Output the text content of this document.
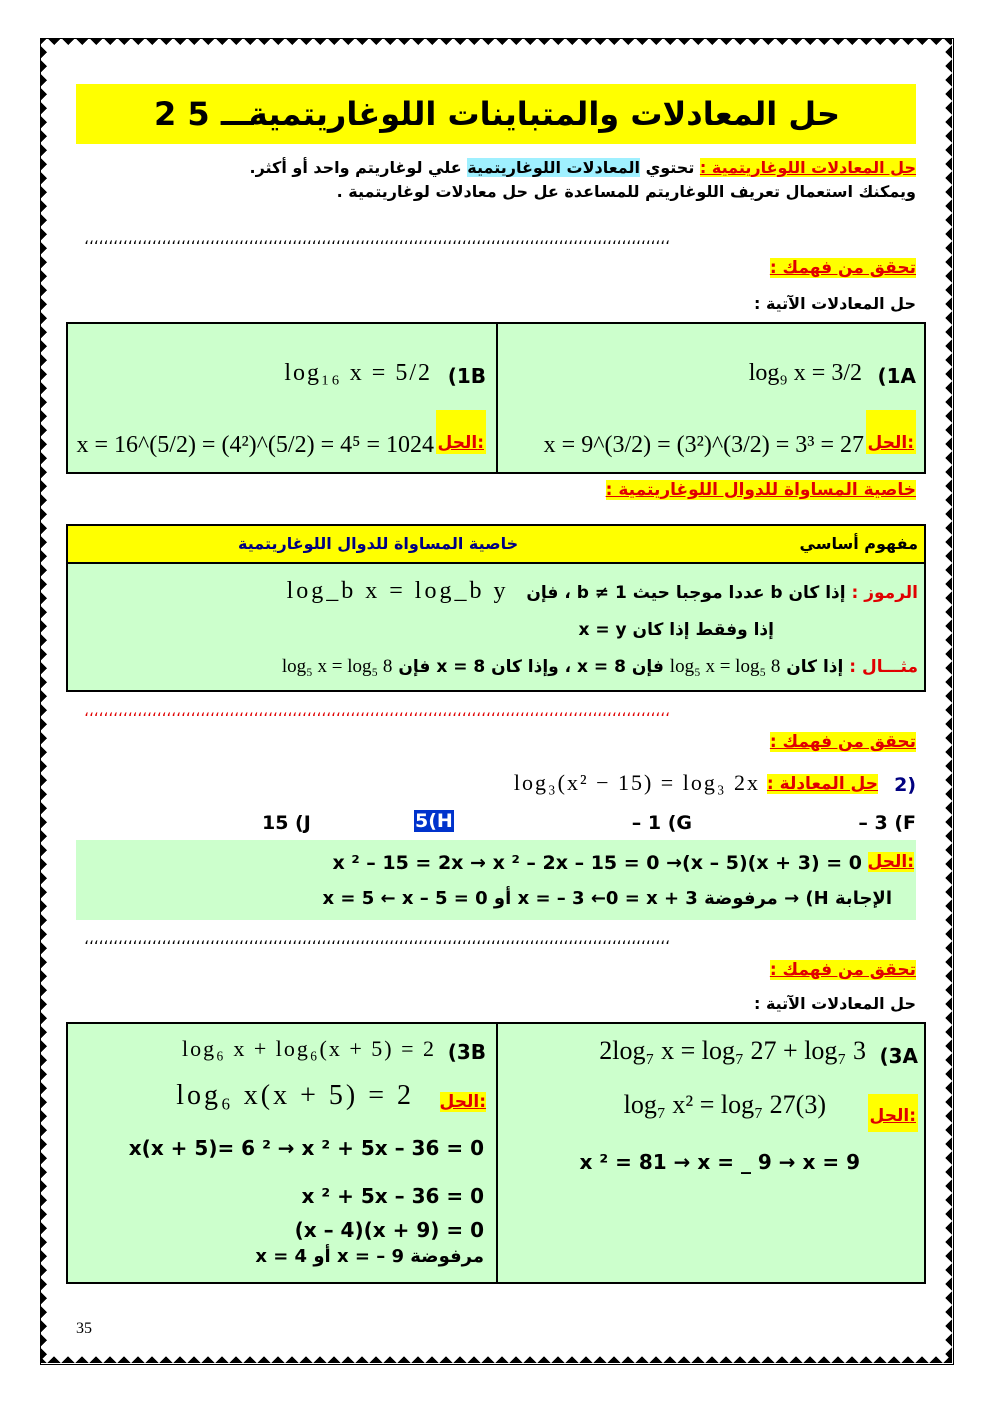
حل المعادلات والمتباينات اللوغاريتمية
2 ـــ 5
حل المعادلات اللوغاريتمية : تحتوي المعادلات اللوغاريتمية علي لوغاريتم واحد أو أكثر.
ويمكنك استعمال تعريف اللوغاريتم للمساعدة عل حل معادلات لوغاريتمية .
،،،،،،،،،،،،،،،،،،،،،،،،،،،،،،،،،،،،،،،،،،،،،،،،،،،،،،،،،،،،،،،،،،،،،،،،،،،،،،،،،،،،،،،،،،،،،،،،،،،،،،،،،،،،،،،،،،،،،،،،،
تحقق من فهمك :
حل المعادلات الآتية :
(1A
log₉ x = 3/2
الحل:
x = 9^(3/2) = (3²)^(3/2) = 3³ = 27
(1B
log₁₆ x = 5/2
الحل:
x = 16^(5/2) = (4²)^(5/2) = 4⁵ = 1024
خاصية المساواة للدوال اللوغاريتمية :
مفهوم أساسي
خاصية المساواة للدوال اللوغاريتمية
الرموز : إذا كان b عددا موجبا حيث b ≠ 1 ، فإن log_b x = log_b y
إذا وفقط إذا كان x = y
مثـــال : إذا كان log₅ x = log₅ 8 فإن x = 8 ، وإذا كان x = 8 فإن log₅ x = log₅ 8
،،،،،،،،،،،،،،،،،،،،،،،،،،،،،،،،،،،،،،،،،،،،،،،،،،،،،،،،،،،،،،،،،،،،،،،،،،،،،،،،،،،،،،،،،،،،،،،،،،،،،،،،،،،،،،،،،،،،،،،،،
تحقق من فهمك :
(2
حل المعادلة :
log₃(x² − 15) = log₃ 2x
– 3 (F
– 1 (G
5(H
15 (J
الحل:
x ² – 15 = 2x → x ² – 2x – 15 = 0 →(x – 5)(x + 3) = 0
الإجابة H) → مرفوضة x = – 3 ←0 = x + 3 أو x = 5 ← x – 5 = 0
،،،،،،،،،،،،،،،،،،،،،،،،،،،،،،،،،،،،،،،،،،،،،،،،،،،،،،،،،،،،،،،،،،،،،،،،،،،،،،،،،،،،،،،،،،،،،،،،،،،،،،،،،،،،،،،،،،،،،،،،،
تحقق من فهمك :
حل المعادلات الآتية :
(3A
2log₇ x = log₇ 27 + log₇ 3
الحل:
log₇ x² = log₇ 27(3)
x ² = 81 → x = _ 9 → x = 9
(3B
log₆ x + log₆(x + 5) = 2
الحل:
log₆ x(x + 5) = 2
x(x + 5)= 6 ² → x ² + 5x – 36 = 0
x ² + 5x – 36 = 0
(x – 4)(x + 9) = 0
مرفوضة x = – 9 أو x = 4
35
